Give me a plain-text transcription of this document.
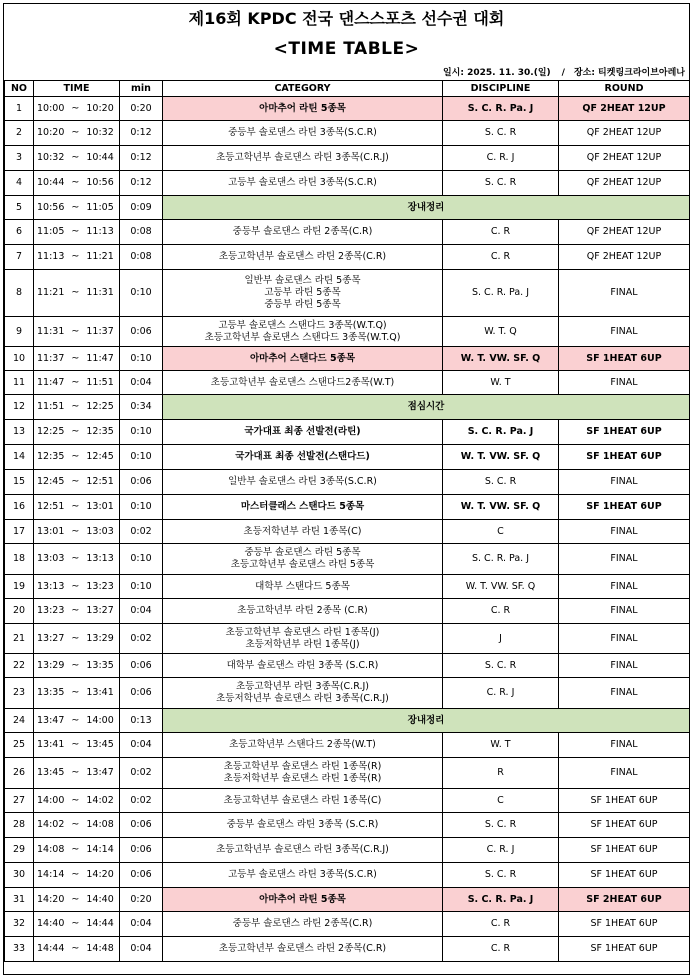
제16회 KPDC 전국 댄스스포츠 선수권 대회
<TIME TABLE>
일시: 2025. 11. 30.(일) / 장소: 티켓링크라이브아레나
NO	TIME	min	CATEGORY	DISCIPLINE	ROUND
1	10:00 ~ 10:20	0:20	아마추어 라틴 5종목	S. C. R. Pa. J	QF 2HEAT 12UP
2	10:20 ~ 10:32	0:12	중등부 솔로댄스 라틴 3종목(S.C.R)	S. C. R	QF 2HEAT 12UP
3	10:32 ~ 10:44	0:12	초등고학년부 솔로댄스 라틴 3종목(C.R.J)	C. R. J	QF 2HEAT 12UP
4	10:44 ~ 10:56	0:12	고등부 솔로댄스 라틴 3종목(S.C.R)	S. C. R	QF 2HEAT 12UP
5	10:56 ~ 11:05	0:09	장내정리		
6	11:05 ~ 11:13	0:08	중등부 솔로댄스 라틴 2종목(C.R)	C. R	QF 2HEAT 12UP
7	11:13 ~ 11:21	0:08	초등고학년부 솔로댄스 라틴 2종목(C.R)	C. R	QF 2HEAT 12UP
8	11:21 ~ 11:31	0:10	일반부 솔로댄스 라틴 5종목
고등부 라틴 5종목
중등부 라틴 5종목	S. C. R. Pa. J	FINAL
9	11:31 ~ 11:37	0:06	고등부 솔로댄스 스탠다드 3종목(W.T.Q)
초등고학년부 솔로댄스 스탠다드 3종목(W.T.Q)	W. T. Q	FINAL
10	11:37 ~ 11:47	0:10	아마추어 스탠다드 5종목	W. T. VW. SF. Q	SF 1HEAT 6UP
11	11:47 ~ 11:51	0:04	초등고학년부 솔로댄스 스탠다드2종목(W.T)	W. T	FINAL
12	11:51 ~ 12:25	0:34	점심시간		
13	12:25 ~ 12:35	0:10	국가대표 최종 선발전(라틴)	S. C. R. Pa. J	SF 1HEAT 6UP
14	12:35 ~ 12:45	0:10	국가대표 최종 선발전(스탠다드)	W. T. VW. SF. Q	SF 1HEAT 6UP
15	12:45 ~ 12:51	0:06	일반부 솔로댄스 라틴 3종목(S.C.R)	S. C. R	FINAL
16	12:51 ~ 13:01	0:10	마스터클래스 스탠다드 5종목	W. T. VW. SF. Q	SF 1HEAT 6UP
17	13:01 ~ 13:03	0:02	초등저학년부 라틴 1종목(C)	C	FINAL
18	13:03 ~ 13:13	0:10	중등부 솔로댄스 라틴 5종목
초등고학년부 솔로댄스 라틴 5종목	S. C. R. Pa. J	FINAL
19	13:13 ~ 13:23	0:10	대학부 스탠다드 5종목	W. T. VW. SF. Q	FINAL
20	13:23 ~ 13:27	0:04	초등고학년부 라틴 2종목 (C.R)	C. R	FINAL
21	13:27 ~ 13:29	0:02	초등고학년부 솔로댄스 라틴 1종목(J)
초등저학년부 라틴 1종목(J)	J	FINAL
22	13:29 ~ 13:35	0:06	대학부 솔로댄스 라틴 3종목 (S.C.R)	S. C. R	FINAL
23	13:35 ~ 13:41	0:06	초등고학년부 라틴 3종목(C.R.J)
초등저학년부 솔로댄스 라틴 3종목(C.R.J)	C. R. J	FINAL
24	13:47 ~ 14:00	0:13	장내정리		
25	13:41 ~ 13:45	0:04	초등고학년부 스탠다드 2종목(W.T)	W. T	FINAL
26	13:45 ~ 13:47	0:02	초등고학년부 솔로댄스 라틴 1종목(R)
초등저학년부 솔로댄스 라틴 1종목(R)	R	FINAL
27	14:00 ~ 14:02	0:02	초등고학년부 솔로댄스 라틴 1종목(C)	C	SF 1HEAT 6UP
28	14:02 ~ 14:08	0:06	중등부 솔로댄스 라틴 3종목 (S.C.R)	S. C. R	SF 1HEAT 6UP
29	14:08 ~ 14:14	0:06	초등고학년부 솔로댄스 라틴 3종목(C.R.J)	C. R. J	SF 1HEAT 6UP
30	14:14 ~ 14:20	0:06	고등부 솔로댄스 라틴 3종목(S.C.R)	S. C. R	SF 1HEAT 6UP
31	14:20 ~ 14:40	0:20	아마추어 라틴 5종목	S. C. R. Pa. J	SF 2HEAT 6UP
32	14:40 ~ 14:44	0:04	중등부 솔로댄스 라틴 2종목(C.R)	C. R	SF 1HEAT 6UP
33	14:44 ~ 14:48	0:04	초등고학년부 솔로댄스 라틴 2종목(C.R)	C. R	SF 1HEAT 6UP
